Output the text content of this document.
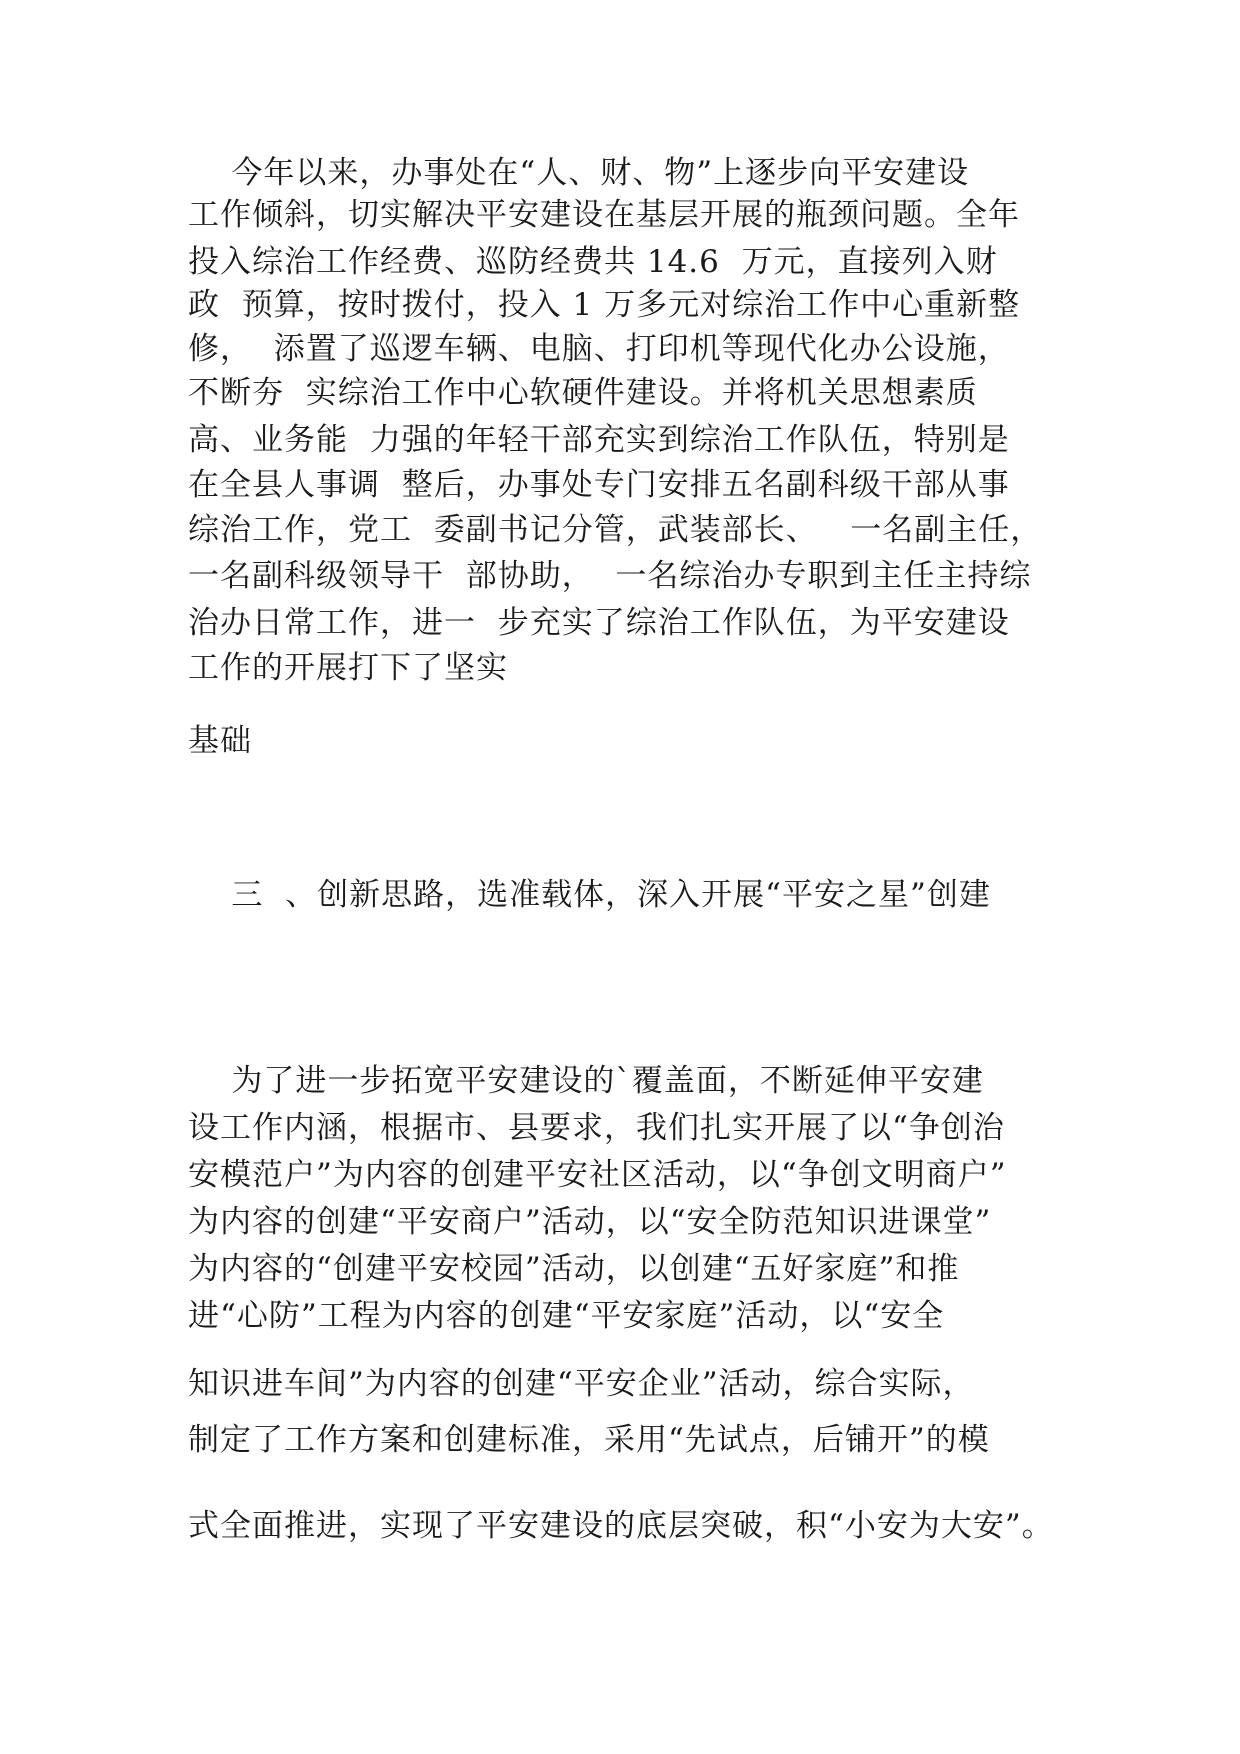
今年以来，办事处在“人、财、物”上逐步向平安建设
工作倾斜，切实解决平安建设在基层开展的瓶颈问题。全年
投入综治工作经费、巡防经费共 14.6  万元，直接列入财
政  预算，按时拨付，投入 1 万多元对综治工作中心重新整
修，  添置了巡逻车辆、电脑、打印机等现代化办公设施，
不断夯  实综治工作中心软硬件建设。并将机关思想素质
高、业务能  力强的年轻干部充实到综治工作队伍，特别是
在全县人事调  整后，办事处专门安排五名副科级干部从事
综治工作，党工  委副书记分管，武装部长、   一名副主任，
一名副科级领导干  部协助，  一名综治办专职到主任主持综
治办日常工作，进一  步充实了综治工作队伍，为平安建设
工作的开展打下了坚实
基础
三  、创新思路，选准载体，深入开展“平安之星”创建
为了进一步拓宽平安建设的`覆盖面，不断延伸平安建
设工作内涵，根据市、县要求，我们扎实开展了以“争创治
安模范户”为内容的创建平安社区活动，以“争创文明商户”
为内容的创建“平安商户”活动，以“安全防范知识进课堂”
为内容的“创建平安校园”活动，以创建“五好家庭”和推
进“心防”工程为内容的创建“平安家庭”活动，以“安全
知识进车间”为内容的创建“平安企业”活动，综合实际，
制定了工作方案和创建标准，采用“先试点，后铺开”的模
式全面推进，实现了平安建设的底层突破，积“小安为大安”。
